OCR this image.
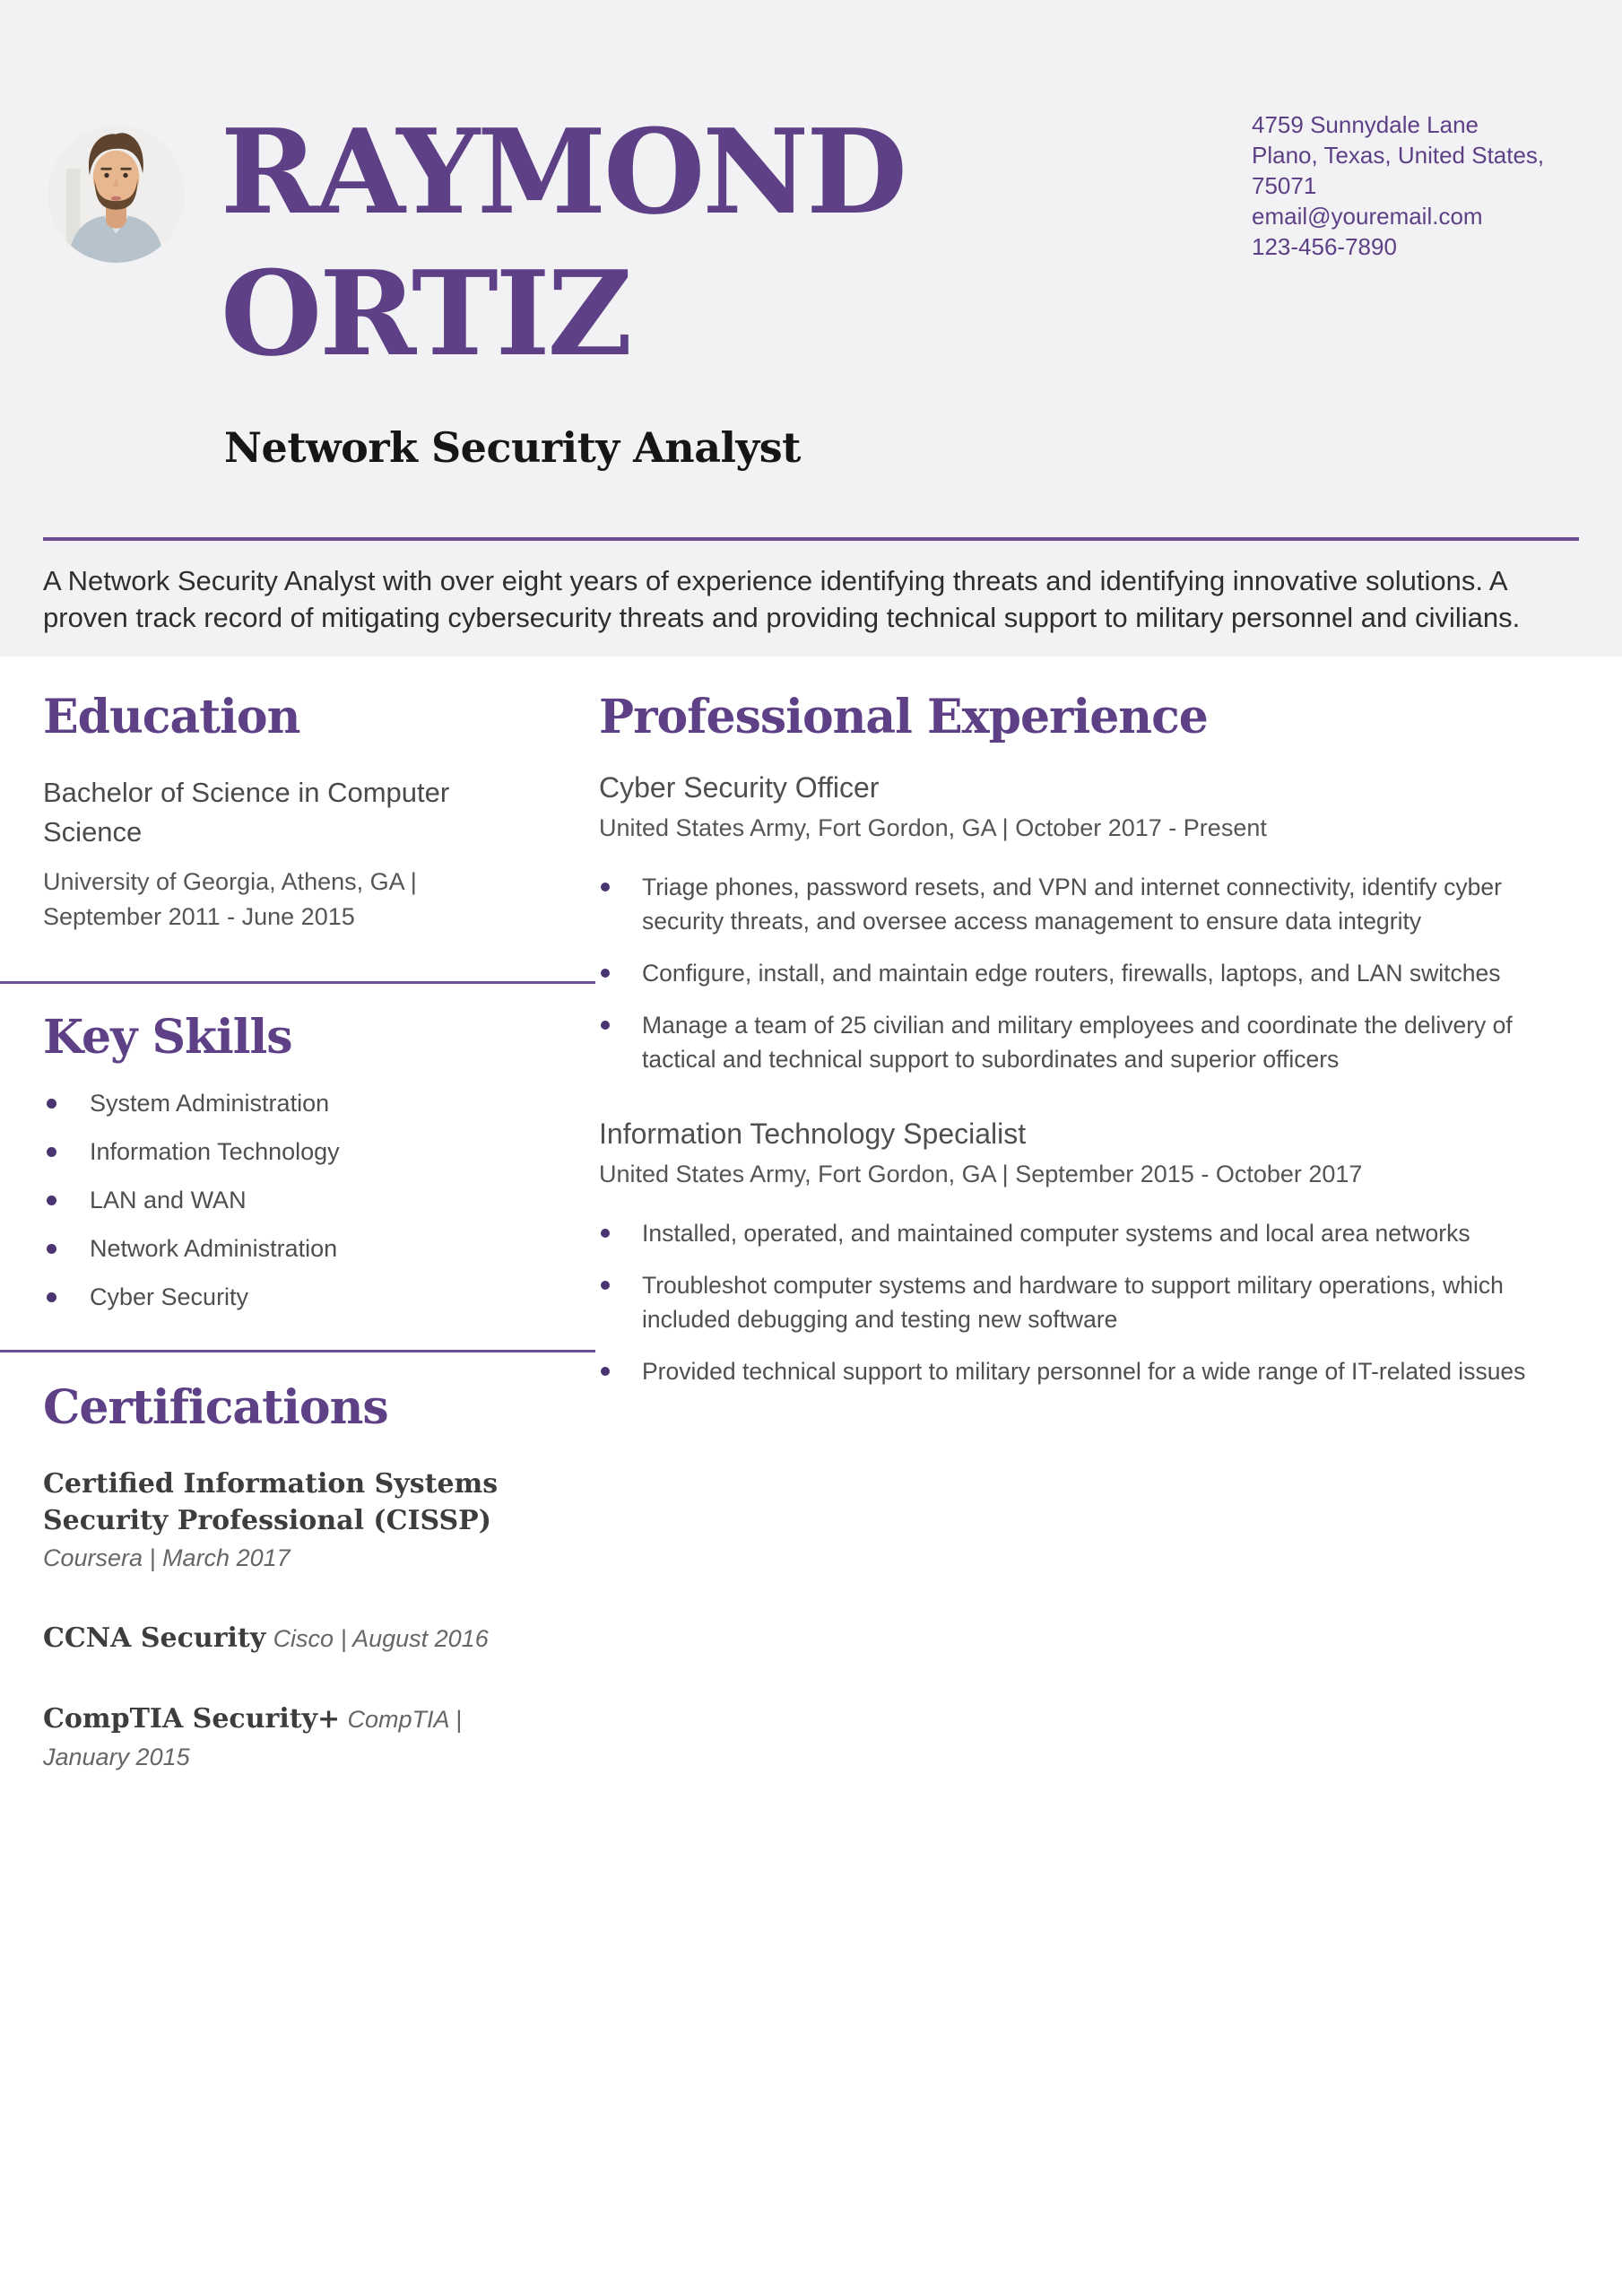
RAYMOND
ORTIZ
Network Security Analyst
4759 Sunnydale Lane
Plano, Texas, United States,
75071
email@youremail.com
123-456-7890

A Network Security Analyst with over eight years of experience identifying threats and identifying innovative solutions. A proven track record of mitigating cybersecurity threats and providing technical support to military personnel and civilians.

Education

Bachelor of Science in Computer Science

University of Georgia, Athens, GA | September 2011 - June 2015

Key Skills
System Administration
Information Technology
LAN and WAN
Network Administration
Cyber Security
Certifications

Certified Information Systems Security Professional (CISSP) Coursera | March 2017

CCNA Security Cisco | August 2016

CompTIA Security+ CompTIA | January 2015

Professional Experience

Cyber Security Officer

United States Army, Fort Gordon, GA | October 2017 - Present

Triage phones, password resets, and VPN and internet connectivity, identify cyber security threats, and oversee access management to ensure data integrity
Configure, install, and maintain edge routers, firewalls, laptops, and LAN switches
Manage a team of 25 civilian and military employees and coordinate the delivery of tactical and technical support to subordinates and superior officers

Information Technology Specialist

United States Army, Fort Gordon, GA | September 2015 - October 2017

Installed, operated, and maintained computer systems and local area networks
Troubleshot computer systems and hardware to support military operations, which included debugging and testing new software
Provided technical support to military personnel for a wide range of IT-related issues
